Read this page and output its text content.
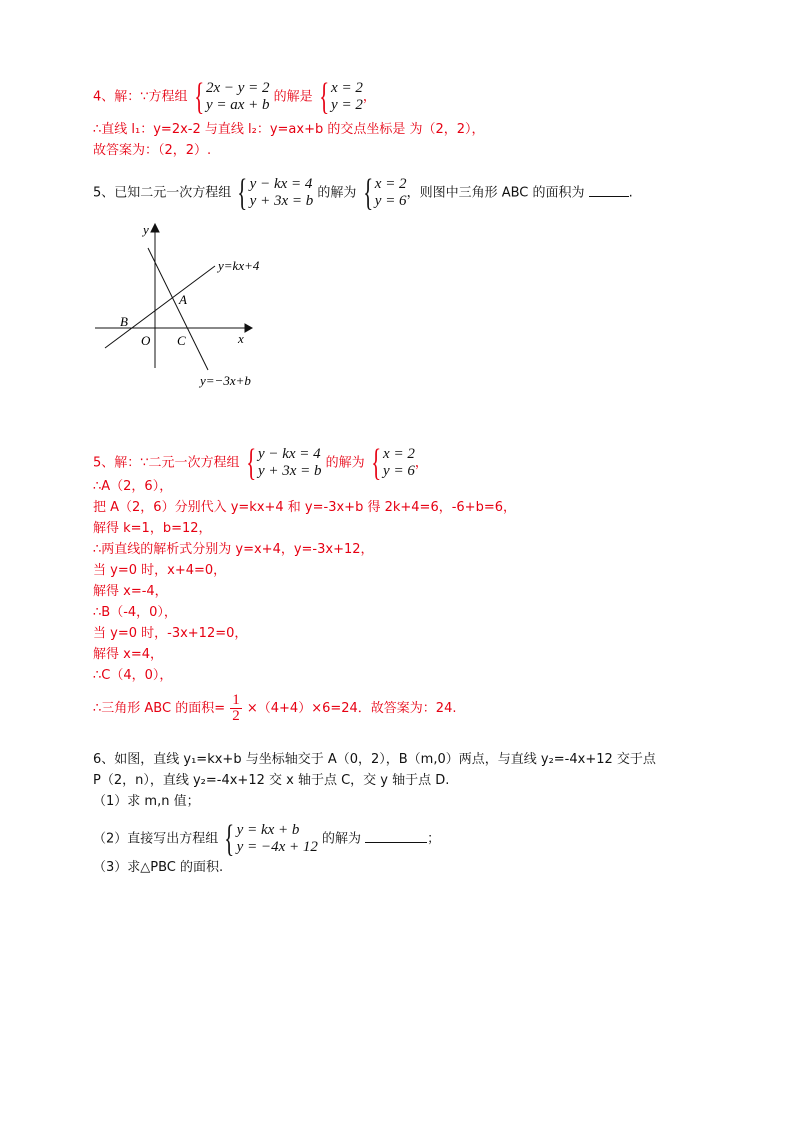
4、解：∵方程组 { 2x − y = 2
y = ax + b 的解是 { x = 2
y = 2 ，
∴直线 l₁：y=2x-2 与直线 l₂：y=ax+b 的交点坐标是 为（2，2），
故答案为：（2，2）.
5、已知二元一次方程组 { y − kx = 4
y + 3x = b 的解为 { x = 2
y = 6 ，则图中三角形 ABC 的面积为	.
y
x
O
A
B
C
y=kx+4
y=−3x+b
5、解：∵二元一次方程组 { y − kx = 4
y + 3x = b 的解为 { x = 2
y = 6 ，
∴A（2，6），
把 A（2，6）分别代入 y=kx+4 和 y=-3x+b 得 2k+4=6，-6+b=6，
解得 k=1，b=12，
∴两直线的解析式分别为 y=x+4，y=-3x+12，
当 y=0 时，x+4=0，
解得 x=-4，
∴B（-4，0），
当 y=0 时，-3x+12=0，
解得 x=4，
∴C（4，0），
∴三角形 ABC 的面积= $\frac{1}{2} \times(4+4)\times 6=24$．故答案为：24.
6、如图，直线 y₁=kx+b 与坐标轴交于 A（0，2），B（m,0）两点，与直线 y₂=-4x+12 交于点
P（2，n），直线 y₂=-4x+12 交 x 轴于点 C，交 y 轴于点 D.
（1）求 m,n 值；
（2）直接写出方程组 { y = kx + b
y = −4x + 12 的解为	；
（3）求△PBC 的面积.
